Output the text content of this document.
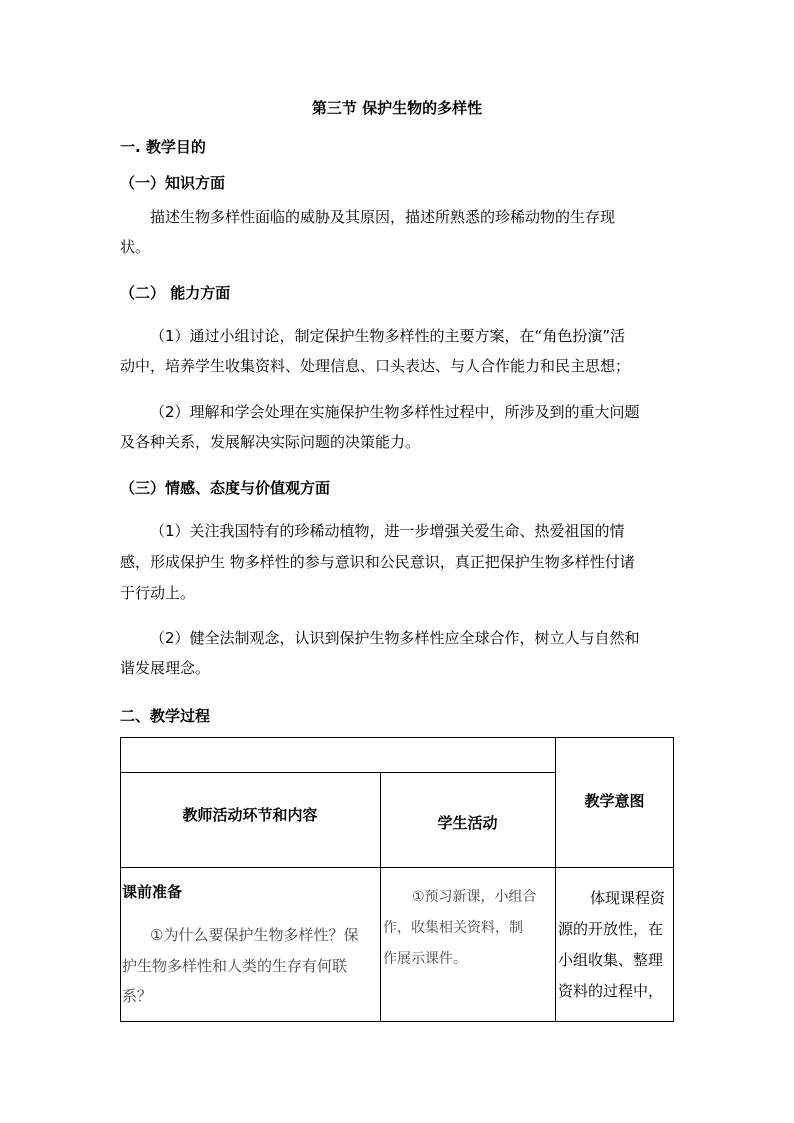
第三节 保护生物的多样性
一. 教学目的
（一）知识方面
描述生物多样性面临的威胁及其原因，描述所熟悉的珍稀动物的生存现
状。
（二） 能力方面
（1）通过小组讨论，制定保护生物多样性的主要方案，在“角色扮演”活
动中，培养学生收集资料、处理信息、口头表达、与人合作能力和民主思想；
（2）理解和学会处理在实施保护生物多样性过程中，所涉及到的重大问题
及各种关系，发展解决实际问题的决策能力。
（三）情感、态度与价值观方面
（1）关注我国特有的珍稀动植物，进一步增强关爱生命、热爱祖国的情
感，形成保护生 物多样性的参与意识和公民意识，真正把保护生物多样性付诸
于行动上。
（2）健全法制观念，认识到保护生物多样性应全球合作，树立人与自然和
谐发展理念。
二、教学过程
教师活动环节和内容	学生活动
教学意图
课前准备
①为什么要保护生物多样性？保
护生物多样性和人类的生存有何联
系？
①预习新课，小组合
作，收集相关资料，制
作展示课件。
体现课程资
源的开放性，在
小组收集、整理
资料的过程中，
